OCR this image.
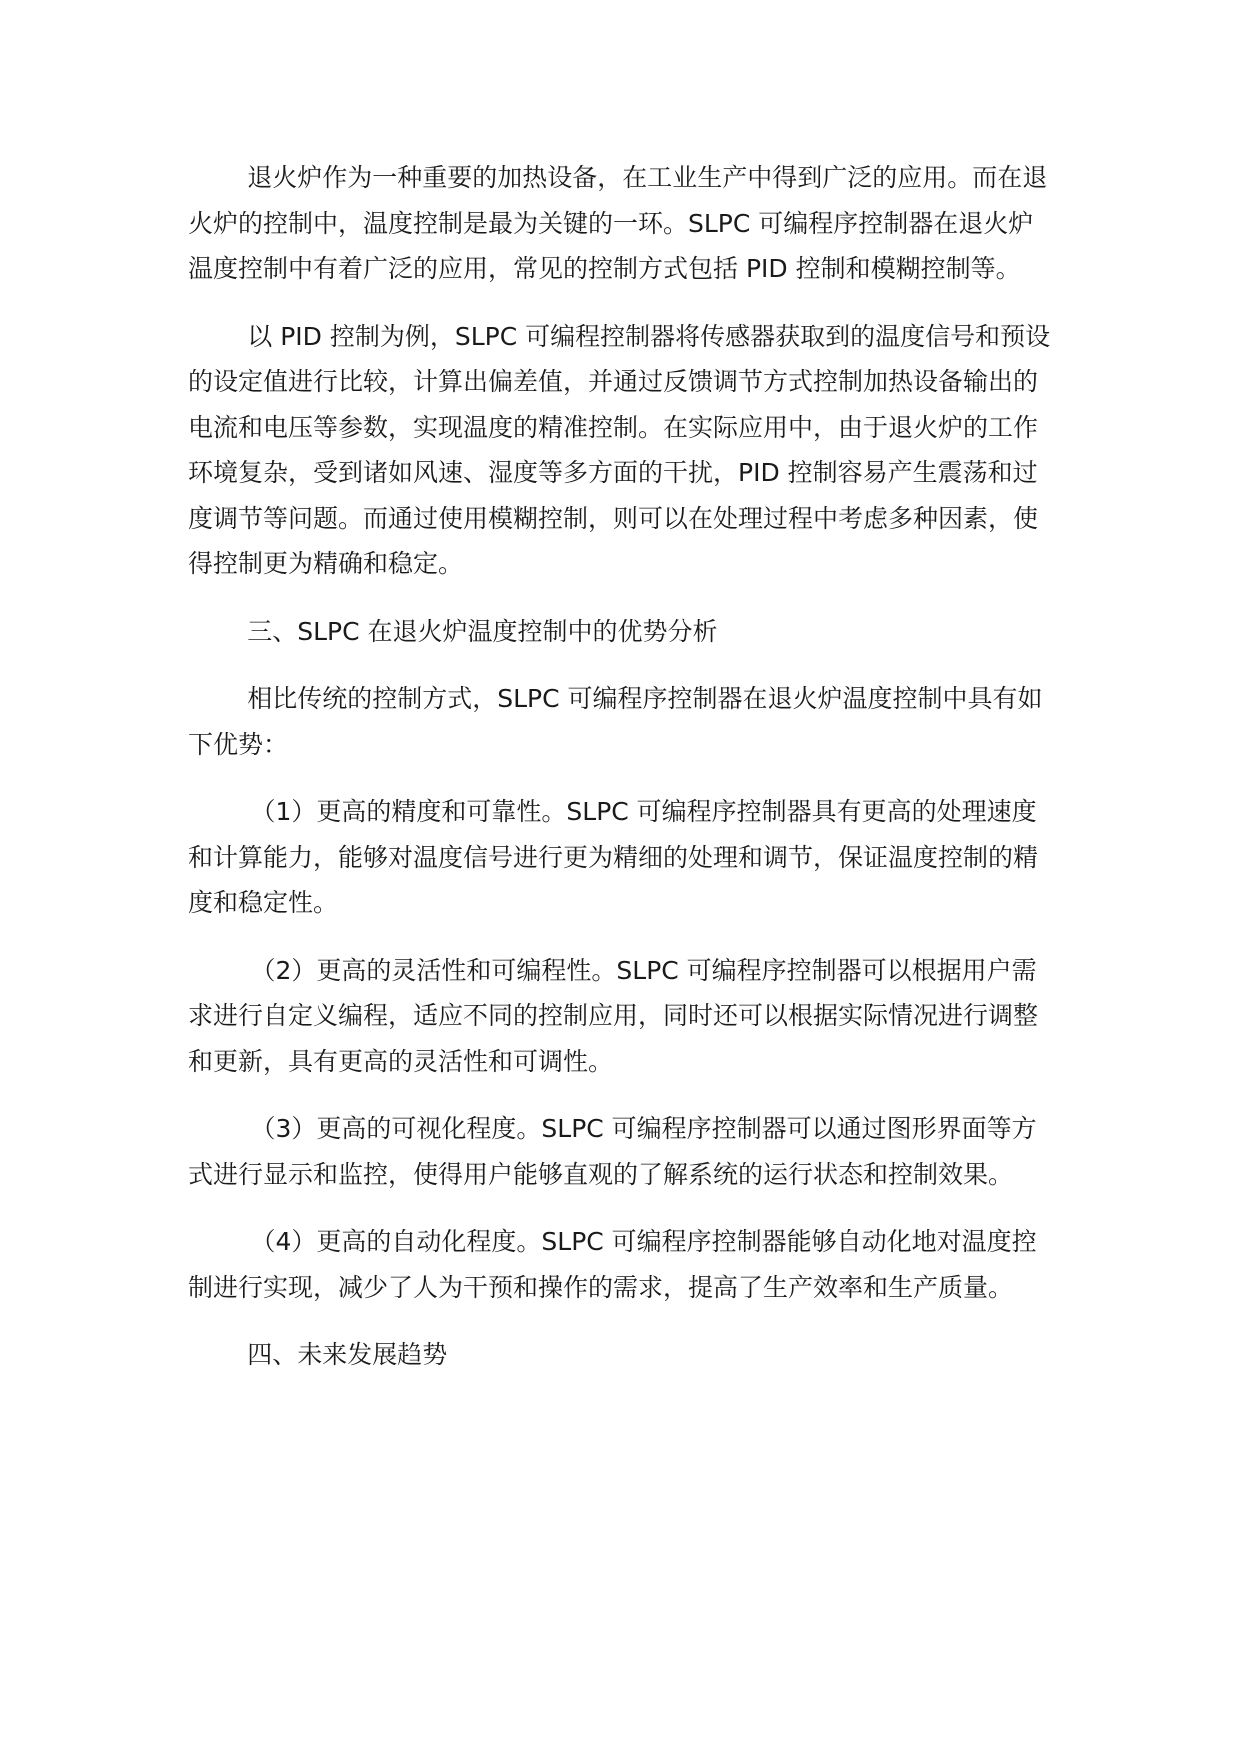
退火炉作为一种重要的加热设备，在工业生产中得到广泛的应用。而在退火炉的控制中，温度控制是最为关键的一环。SLPC 可编程序控制器在退火炉温度控制中有着广泛的应用，常见的控制方式包括 PID 控制和模糊控制等。

以 PID 控制为例，SLPC 可编程控制器将传感器获取到的温度信号和预设的设定值进行比较，计算出偏差值，并通过反馈调节方式控制加热设备输出的电流和电压等参数，实现温度的精准控制。在实际应用中，由于退火炉的工作环境复杂，受到诸如风速、湿度等多方面的干扰，PID 控制容易产生震荡和过度调节等问题。而通过使用模糊控制，则可以在处理过程中考虑多种因素，使得控制更为精确和稳定。

三、SLPC 在退火炉温度控制中的优势分析

相比传统的控制方式，SLPC 可编程序控制器在退火炉温度控制中具有如下优势：

（1）更高的精度和可靠性。SLPC 可编程序控制器具有更高的处理速度和计算能力，能够对温度信号进行更为精细的处理和调节，保证温度控制的精度和稳定性。

（2）更高的灵活性和可编程性。SLPC 可编程序控制器可以根据用户需求进行自定义编程，适应不同的控制应用，同时还可以根据实际情况进行调整和更新，具有更高的灵活性和可调性。

（3）更高的可视化程度。SLPC 可编程序控制器可以通过图形界面等方式进行显示和监控，使得用户能够直观的了解系统的运行状态和控制效果。

（4）更高的自动化程度。SLPC 可编程序控制器能够自动化地对温度控制进行实现，减少了人为干预和操作的需求，提高了生产效率和生产质量。

四、未来发展趋势
